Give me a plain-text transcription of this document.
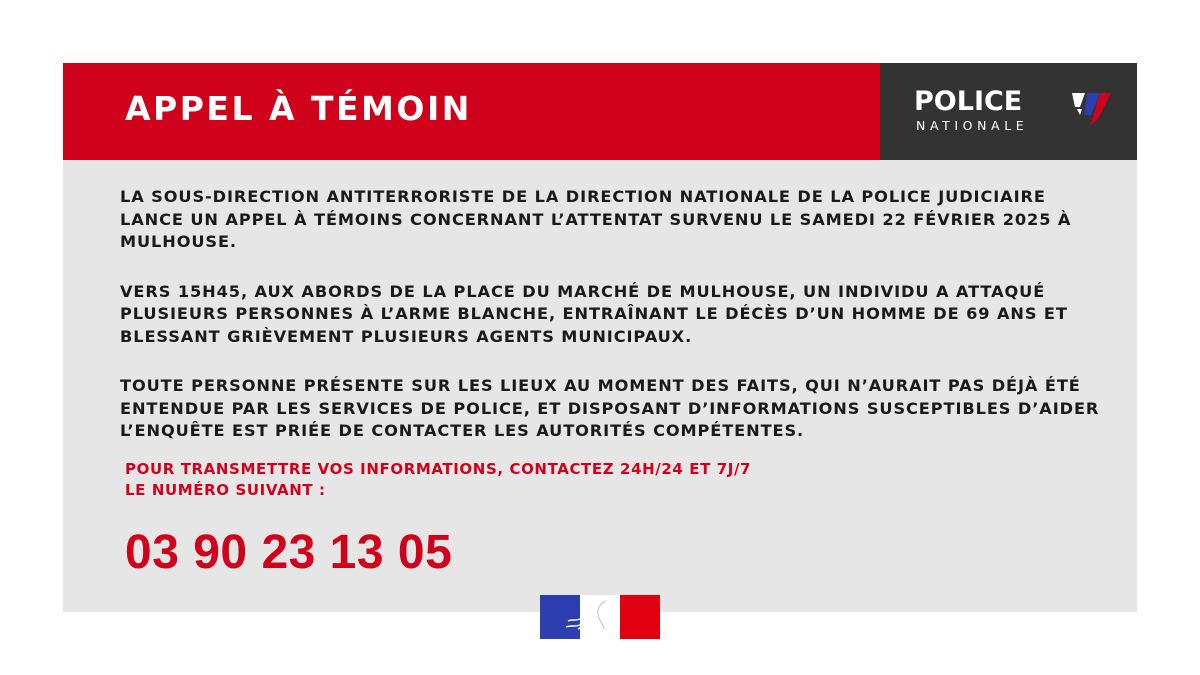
APPEL À TÉMOIN	POLICE
NATIONALE

LA SOUS-DIRECTION ANTITERRORISTE DE LA DIRECTION NATIONALE DE LA POLICE JUDICIAIRE LANCE UN APPEL À TÉMOINS CONCERNANT L’ATTENTAT SURVENU LE SAMEDI 22 FÉVRIER 2025 À MULHOUSE.

VERS 15H45, AUX ABORDS DE LA PLACE DU MARCHÉ DE MULHOUSE, UN INDIVIDU A ATTAQUÉ PLUSIEURS PERSONNES À L’ARME BLANCHE, ENTRAÎNANT LE DÉCÈS D’UN HOMME DE 69 ANS ET BLESSANT GRIÈVEMENT PLUSIEURS AGENTS MUNICIPAUX.

TOUTE PERSONNE PRÉSENTE SUR LES LIEUX AU MOMENT DES FAITS, QUI N’AURAIT PAS DÉJÀ ÉTÉ ENTENDUE PAR LES SERVICES DE POLICE, ET DISPOSANT D’INFORMATIONS SUSCEPTIBLES D’AIDER L’ENQUÊTE EST PRIÉE DE CONTACTER LES AUTORITÉS COMPÉTENTES.

POUR TRANSMETTRE VOS INFORMATIONS, CONTACTEZ 24H/24 ET 7J/7 LE NUMÉRO SUIVANT :
03 90 23 13 05
